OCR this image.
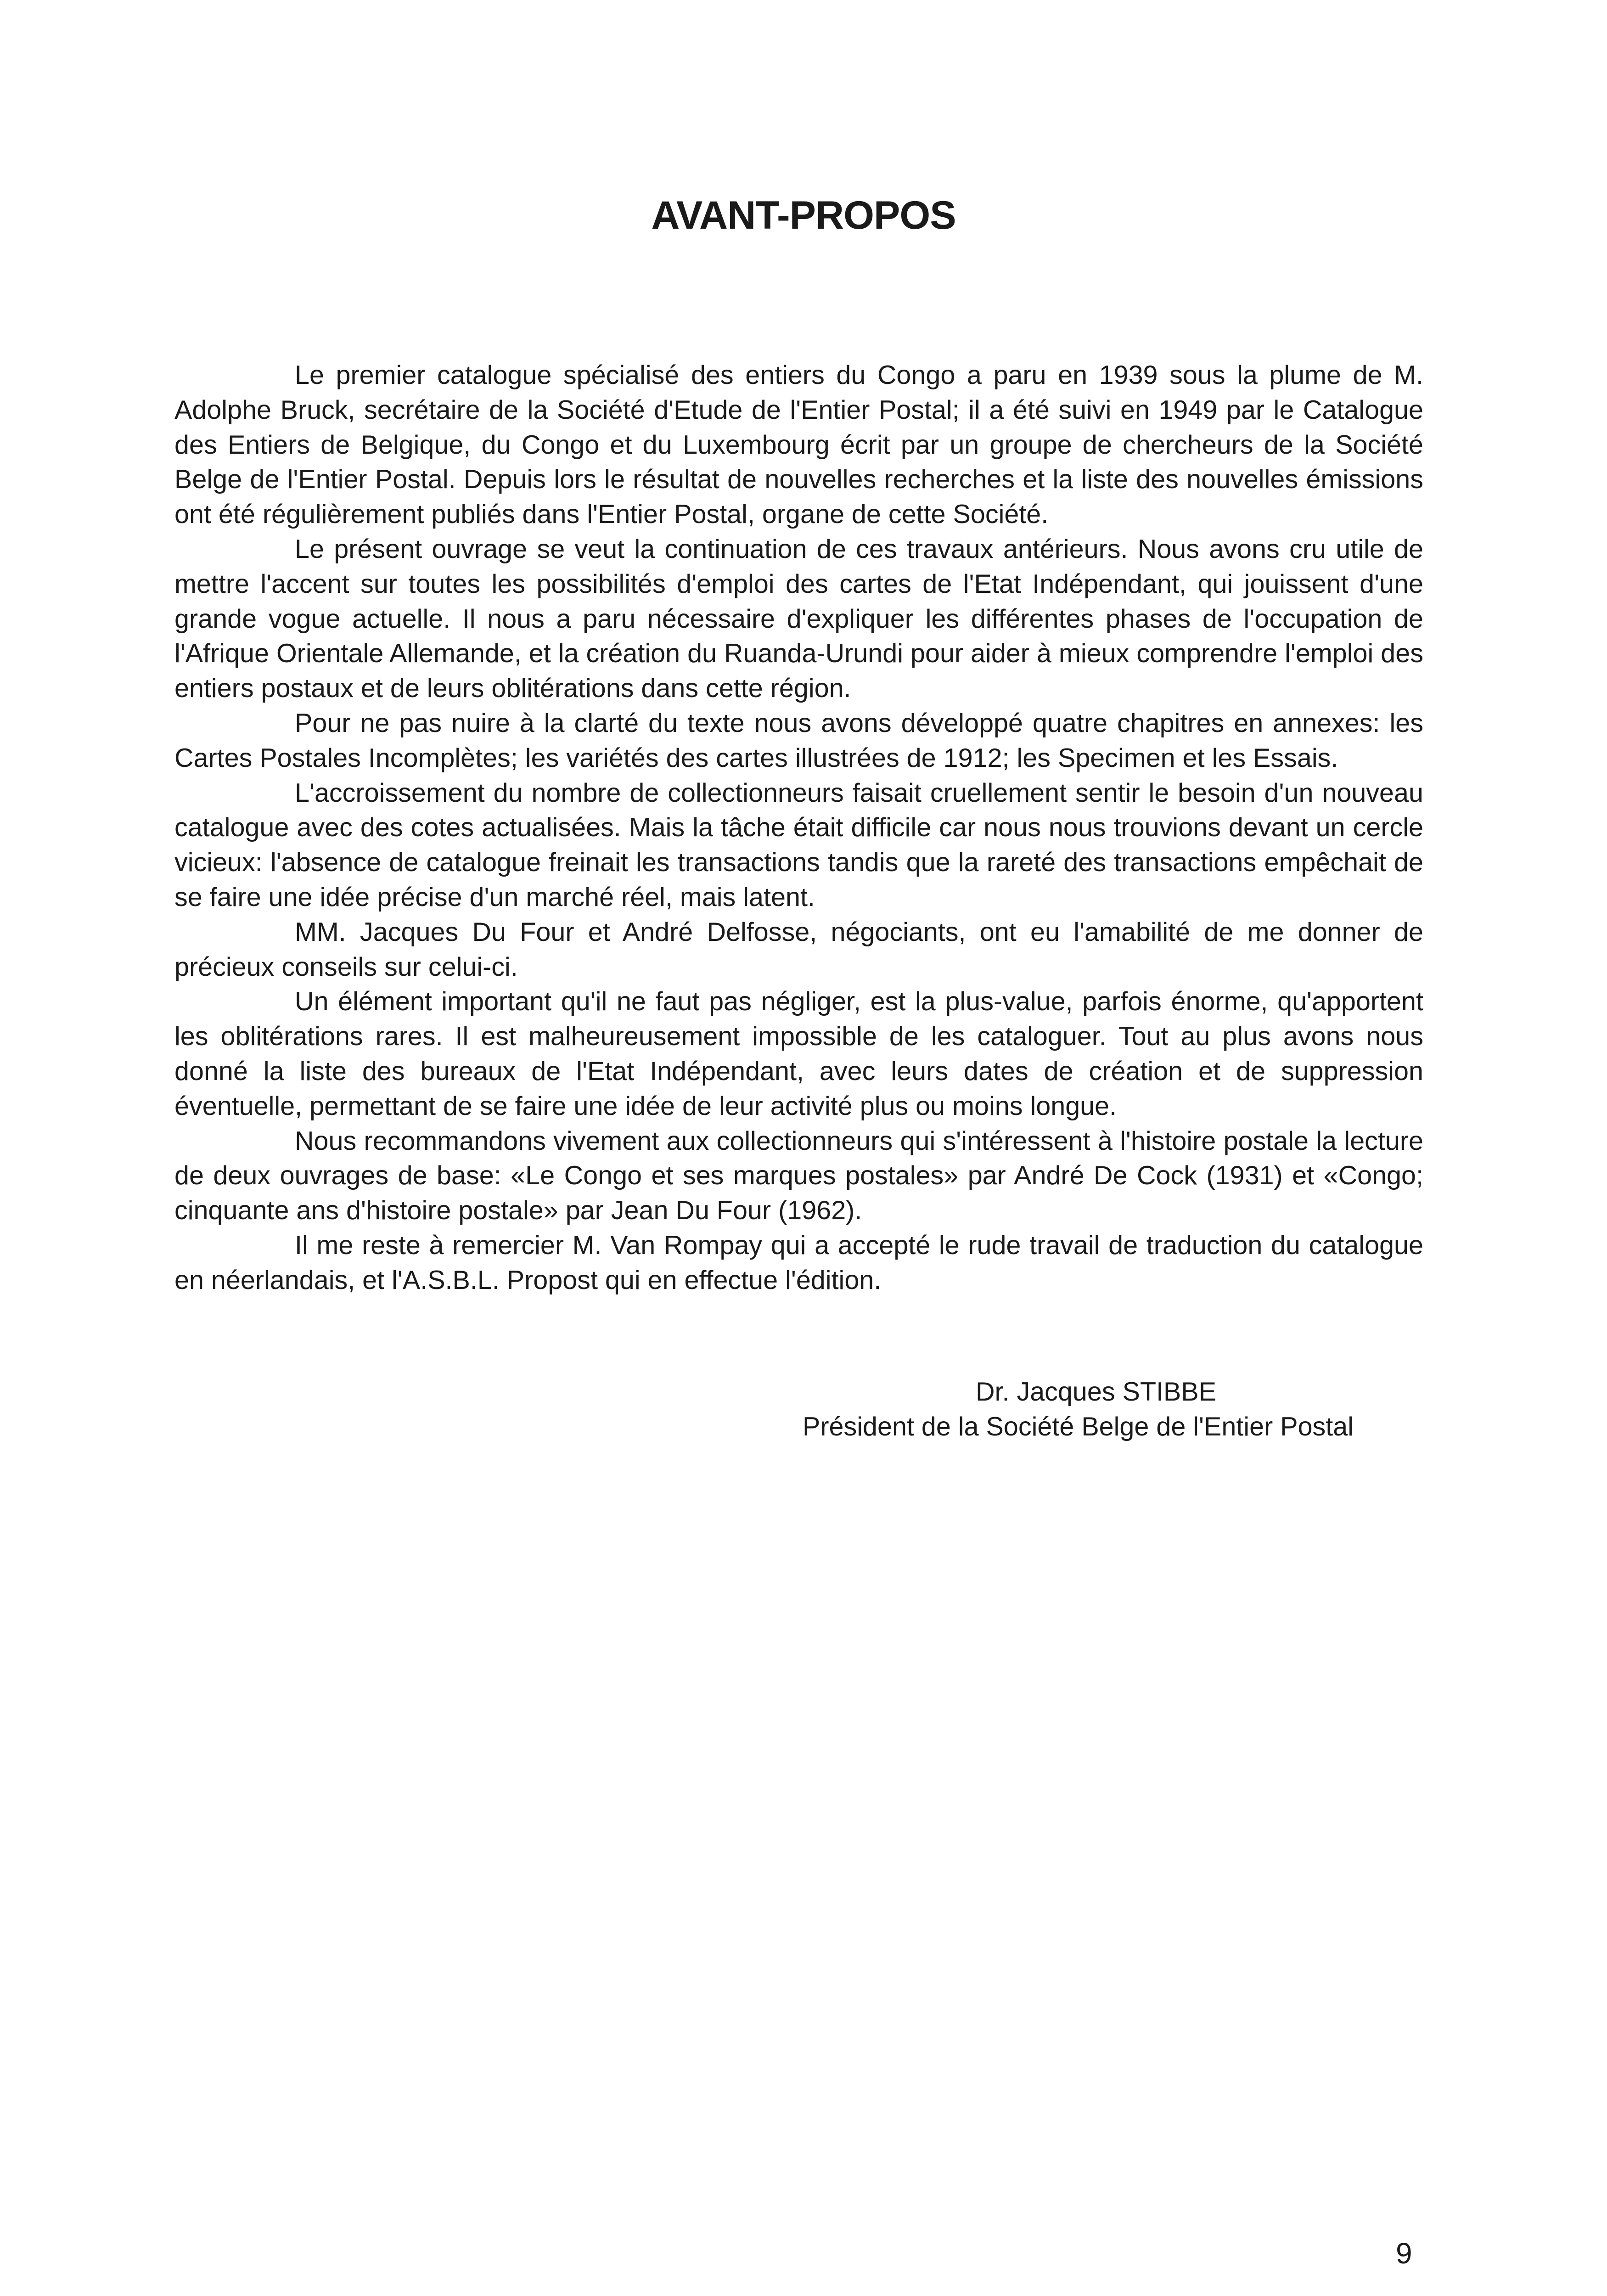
AVANT-PROPOS

Le premier catalogue spécialisé des entiers du Congo a paru en 1939 sous la plume de M. Adolphe Bruck, secrétaire de la Société d'Etude de l'Entier Postal; il a été suivi en 1949 par le Catalogue des Entiers de Belgique, du Congo et du Luxembourg écrit par un groupe de chercheurs de la Société Belge de l'Entier Postal. Depuis lors le résultat de nouvelles recherches et la liste des nouvelles émissions ont été régulièrement publiés dans l'Entier Postal, organe de cette Société.

Le présent ouvrage se veut la continuation de ces travaux antérieurs. Nous avons cru utile de mettre l'accent sur toutes les possibilités d'emploi des cartes de l'Etat Indépendant, qui jouissent d'une grande vogue actuelle. Il nous a paru nécessaire d'expliquer les différentes phases de l'occupation de l'Afrique Orientale Allemande, et la création du Ruanda-Urundi pour aider à mieux comprendre l'emploi des entiers postaux et de leurs oblitérations dans cette région.

Pour ne pas nuire à la clarté du texte nous avons développé quatre chapitres en annexes: les Cartes Postales Incomplètes; les variétés des cartes illustrées de 1912; les Specimen et les Essais.

L'accroissement du nombre de collectionneurs faisait cruellement sentir le besoin d'un nouveau catalogue avec des cotes actualisées. Mais la tâche était difficile car nous nous trouvions devant un cercle vicieux: l'absence de catalogue freinait les transactions tandis que la rareté des transactions empêchait de se faire une idée précise d'un marché réel, mais latent.

MM. Jacques Du Four et André Delfosse, négociants, ont eu l'amabilité de me donner de précieux conseils sur celui-ci.

Un élément important qu'il ne faut pas négliger, est la plus-value, parfois énorme, qu'apportent les oblitérations rares. Il est malheureusement impossible de les cataloguer. Tout au plus avons nous donné la liste des bureaux de l'Etat Indépendant, avec leurs dates de création et de suppression éventuelle, permettant de se faire une idée de leur activité plus ou moins longue.

Nous recommandons vivement aux collectionneurs qui s'intéressent à l'histoire postale la lecture de deux ouvrages de base: «Le Congo et ses marques postales» par André De Cock (1931) et «Congo; cinquante ans d'histoire postale» par Jean Du Four (1962).

Il me reste à remercier M. Van Rompay qui a accepté le rude travail de traduction du catalogue en néerlandais, et l'A.S.B.L. Propost qui en effectue l'édition.

Dr. Jacques STIBBE
Président de la Société Belge de l'Entier Postal
9
